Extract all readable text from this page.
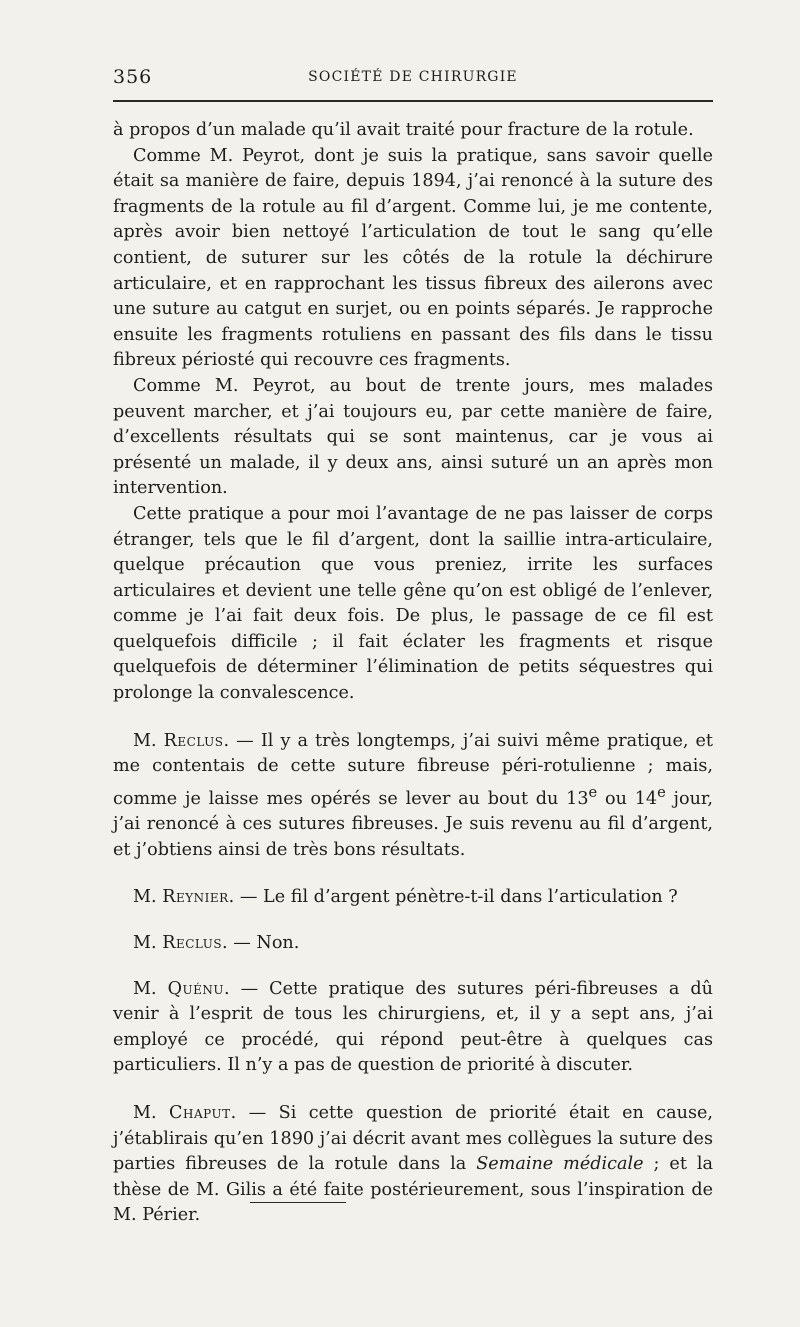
356	SOCIÉTÉ DE CHIRURGIE

à propos d’un malade qu’il avait traité pour fracture de la rotule.

Comme M. Peyrot, dont je suis la pratique, sans savoir quelle était sa manière de faire, depuis 1894, j’ai renoncé à la suture des fragments de la rotule au fil d’argent. Comme lui, je me contente, après avoir bien nettoyé l’articulation de tout le sang qu’elle contient, de suturer sur les côtés de la rotule la déchirure articulaire, et en rapprochant les tissus fibreux des ailerons avec une suture au catgut en surjet, ou en points séparés. Je rapproche ensuite les fragments rotuliens en passant des fils dans le tissu fibreux périosté qui recouvre ces fragments.

Comme M. Peyrot, au bout de trente jours, mes malades peuvent marcher, et j’ai toujours eu, par cette manière de faire, d’excellents résultats qui se sont maintenus, car je vous ai présenté un malade, il y deux ans, ainsi suturé un an après mon intervention.

Cette pratique a pour moi l’avantage de ne pas laisser de corps étranger, tels que le fil d’argent, dont la saillie intra-articulaire, quelque précaution que vous preniez, irrite les surfaces articulaires et devient une telle gêne qu’on est obligé de l’enlever, comme je l’ai fait deux fois. De plus, le passage de ce fil est quelquefois difficile ; il fait éclater les fragments et risque quelquefois de déterminer l’élimination de petits séquestres qui prolonge la convalescence.

M. Reclus. — Il y a très longtemps, j’ai suivi même pratique, et me contentais de cette suture fibreuse péri-rotulienne ; mais, comme je laisse mes opérés se lever au bout du 13e ou 14e jour, j’ai renoncé à ces sutures fibreuses. Je suis revenu au fil d’argent, et j’obtiens ainsi de très bons résultats.

M. Reynier. — Le fil d’argent pénètre-t-il dans l’articulation ?

M. Reclus. — Non.

M. Quénu. — Cette pratique des sutures péri-fibreuses a dû venir à l’esprit de tous les chirurgiens, et, il y a sept ans, j’ai employé ce procédé, qui répond peut-être à quelques cas particuliers. Il n’y a pas de question de priorité à discuter.

M. Chaput. — Si cette question de priorité était en cause, j’établirais qu’en 1890 j’ai décrit avant mes collègues la suture des parties fibreuses de la rotule dans la Semaine médicale ; et la thèse de M. Gilis a été faite postérieurement, sous l’inspiration de M. Périer.
